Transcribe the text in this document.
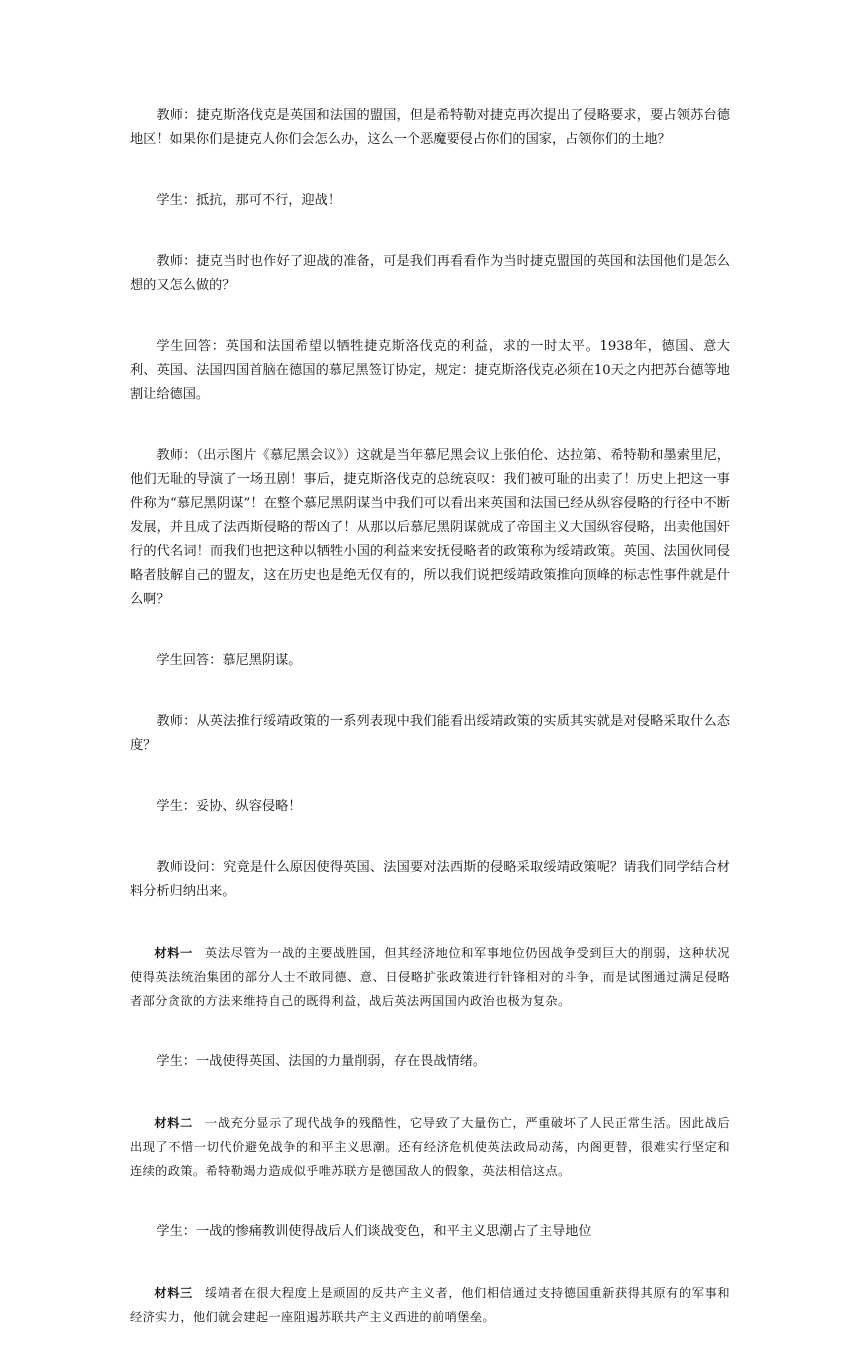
教师：捷克斯洛伐克是英国和法国的盟国，但是希特勒对捷克再次提出了侵略要求，要占领苏台德地区！如果你们是捷克人你们会怎么办，这么一个恶魔要侵占你们的国家，占领你们的土地？

学生：抵抗，那可不行，迎战！

教师：捷克当时也作好了迎战的准备，可是我们再看看作为当时捷克盟国的英国和法国他们是怎么想的又怎么做的？

学生回答：英国和法国希望以牺牲捷克斯洛伐克的利益，求的一时太平。1938年，德国、意大利、英国、法国四国首脑在德国的慕尼黑签订协定，规定：捷克斯洛伐克必须在10天之内把苏台德等地割让给德国。

教师：（出示图片《慕尼黑会议》）这就是当年慕尼黑会议上张伯伦、达拉第、希特勒和墨索里尼，他们无耻的导演了一场丑剧！事后，捷克斯洛伐克的总统哀叹：我们被可耻的出卖了！历史上把这一事件称为“慕尼黑阴谋”！在整个慕尼黑阴谋当中我们可以看出来英国和法国已经从纵容侵略的行径中不断发展，并且成了法西斯侵略的帮凶了！从那以后慕尼黑阴谋就成了帝国主义大国纵容侵略，出卖他国奸行的代名词！而我们也把这种以牺牲小国的利益来安抚侵略者的政策称为绥靖政策。英国、法国伙同侵略者肢解自己的盟友，这在历史也是绝无仅有的，所以我们说把绥靖政策推向顶峰的标志性事件就是什么啊？

学生回答：慕尼黑阴谋。

教师：从英法推行绥靖政策的一系列表现中我们能看出绥靖政策的实质其实就是对侵略采取什么态度？

学生：妥协、纵容侵略！

教师设问：究竟是什么原因使得英国、法国要对法西斯的侵略采取绥靖政策呢？请我们同学结合材料分析归纳出来。

材料一 英法尽管为一战的主要战胜国，但其经济地位和军事地位仍因战争受到巨大的削弱，这种状况使得英法统治集团的部分人士不敢同德、意、日侵略扩张政策进行针锋相对的斗争，而是试图通过满足侵略者部分贪欲的方法来维持自己的既得利益，战后英法两国国内政治也极为复杂。

学生：一战使得英国、法国的力量削弱，存在畏战情绪。

材料二 一战充分显示了现代战争的残酷性，它导致了大量伤亡，严重破坏了人民正常生活。因此战后出现了不惜一切代价避免战争的和平主义思潮。还有经济危机使英法政局动荡，内阁更替，很难实行坚定和连续的政策。希特勒竭力造成似乎唯苏联方是德国敌人的假象，英法相信这点。

学生：一战的惨痛教训使得战后人们谈战变色，和平主义思潮占了主导地位

材料三 绥靖者在很大程度上是顽固的反共产主义者，他们相信通过支持德国重新获得其原有的军事和经济实力，他们就会建起一座阻遏苏联共产主义西进的前哨堡垒。
